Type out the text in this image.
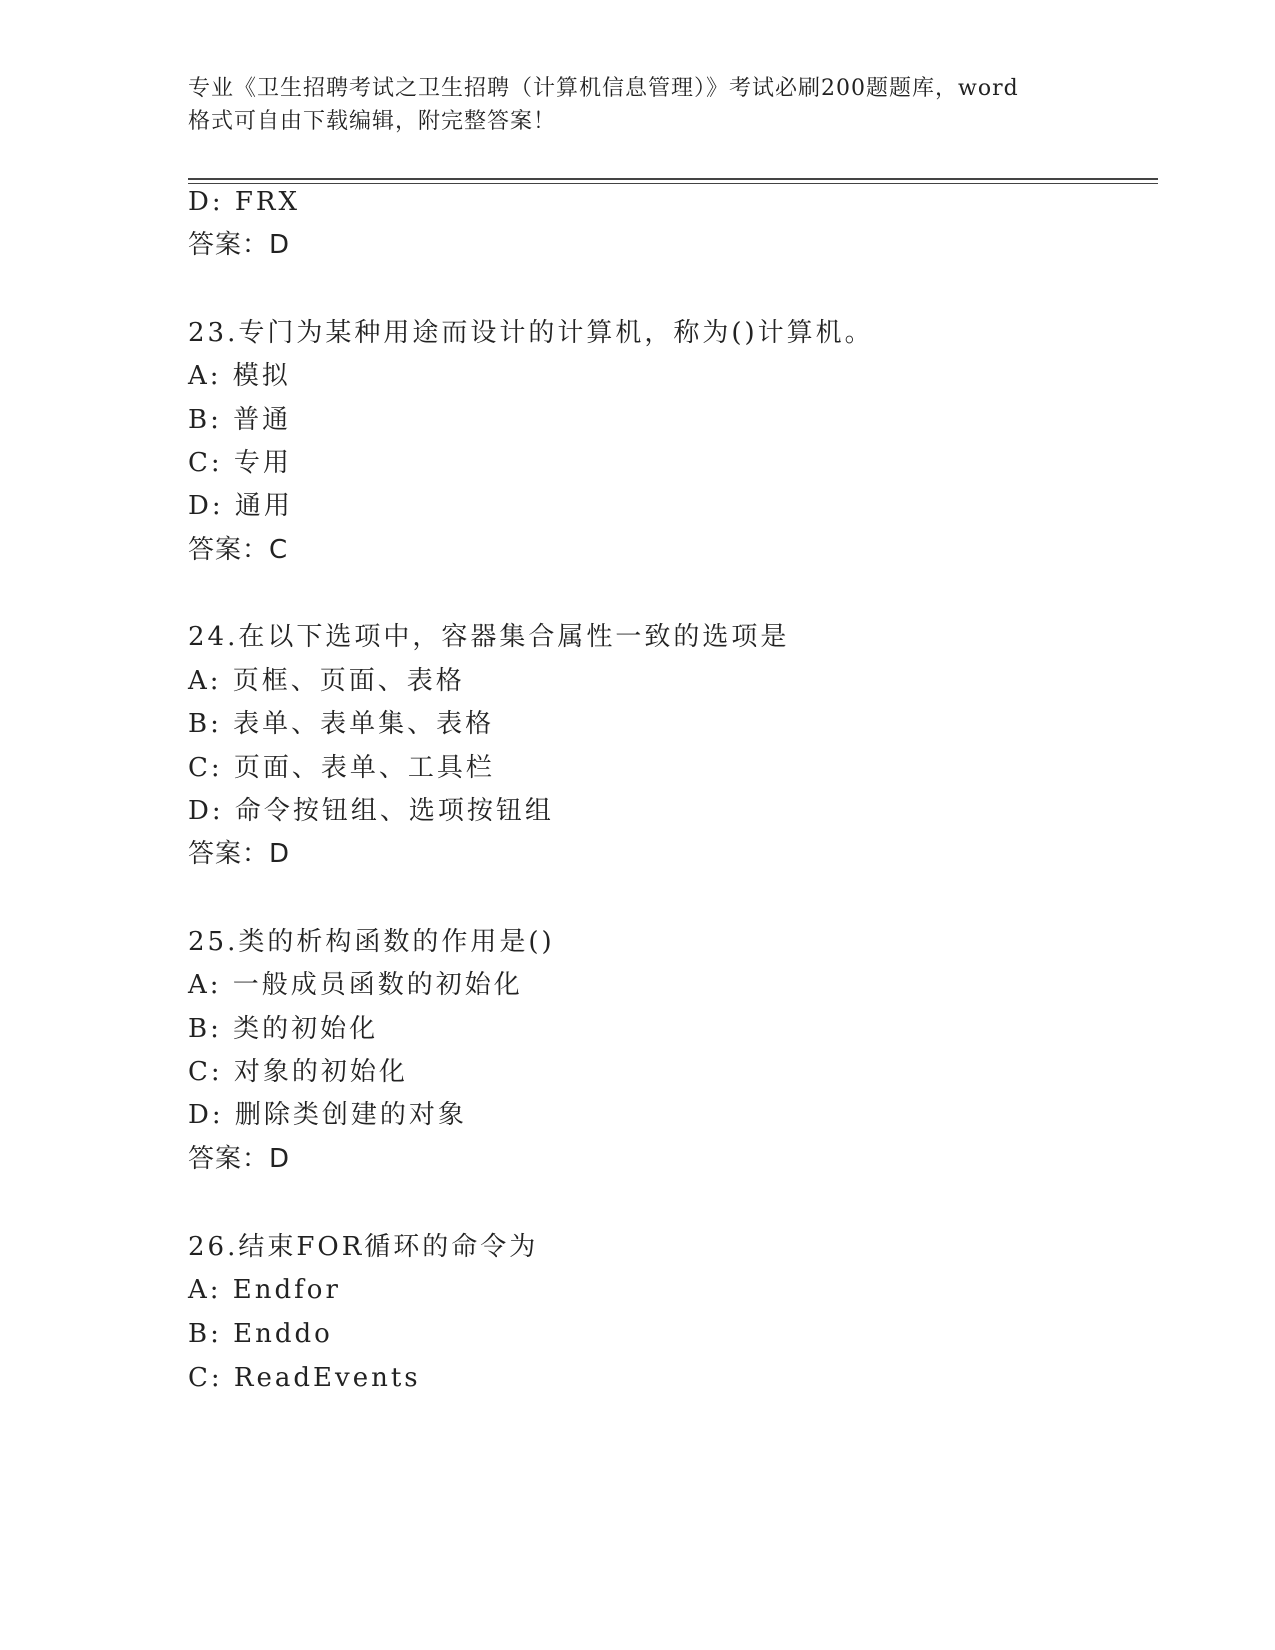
专业《卫生招聘考试之卫生招聘（计算机信息管理）》考试必刷200题题库，word
格式可自由下载编辑，附完整答案！
D: FRX
答案：D
23.专门为某种用途而设计的计算机，称为()计算机。
A: 模拟
B: 普通
C: 专用
D: 通用
答案：C
24.在以下选项中，容器集合属性一致的选项是
A: 页框、页面、表格
B: 表单、表单集、表格
C: 页面、表单、工具栏
D: 命令按钮组、选项按钮组
答案：D
25.类的析构函数的作用是()
A: 一般成员函数的初始化
B: 类的初始化
C: 对象的初始化
D: 删除类创建的对象
答案：D
26.结束FOR循环的命令为
A: Endfor
B: Enddo
C: ReadEvents
